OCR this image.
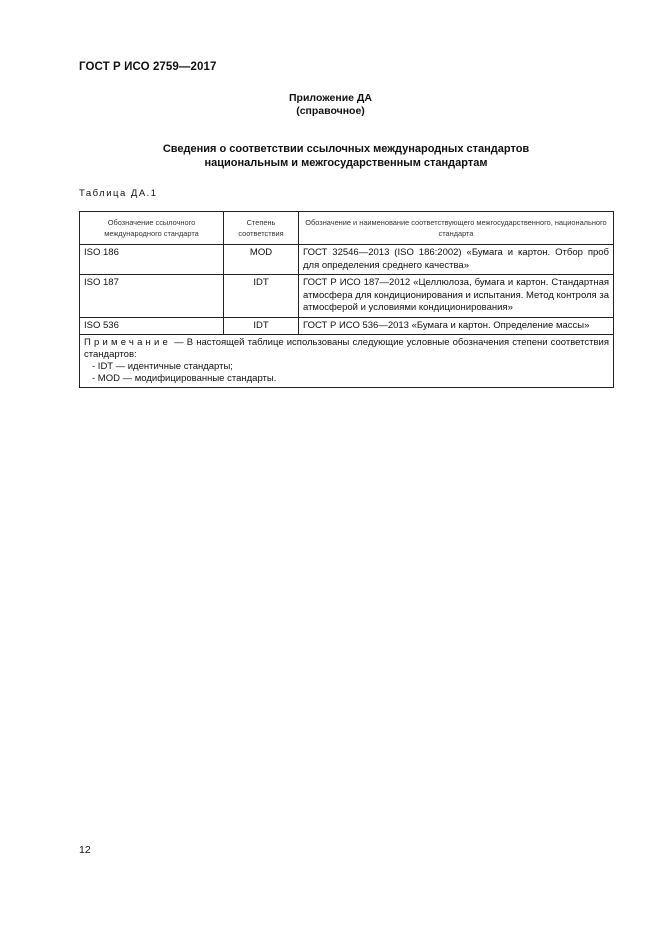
ГОСТ Р ИСО 2759—2017
Приложение ДА
(справочное)
Сведения о соответствии ссылочных международных стандартов
национальным и межгосударственным стандартам
Таблица ДА.1
Обозначение ссылочного международного стандарта	Степень соответствия	Обозначение и наименование соответствующего межгосударственного, национального стандарта
ISO 186	MOD	ГОСТ 32546—2013 (ISO 186:2002) «Бумага и картон. Отбор проб для определения среднего качества»
ISO 187	IDT	ГОСТ Р ИСО 187—2012 «Целлюлоза, бумага и картон. Стандартная атмосфера для кондиционирования и испытания. Метод контроля за атмосферой и условиями кондиционирования»
ISO 536	IDT	ГОСТ Р ИСО 536—2013 «Бумага и картон. Определение массы»
Примечание — В настоящей таблице использованы следующие условные обозначения степени соответствия стандартов:
- IDT — идентичные стандарты;
- MOD — модифицированные стандарты.		
12
